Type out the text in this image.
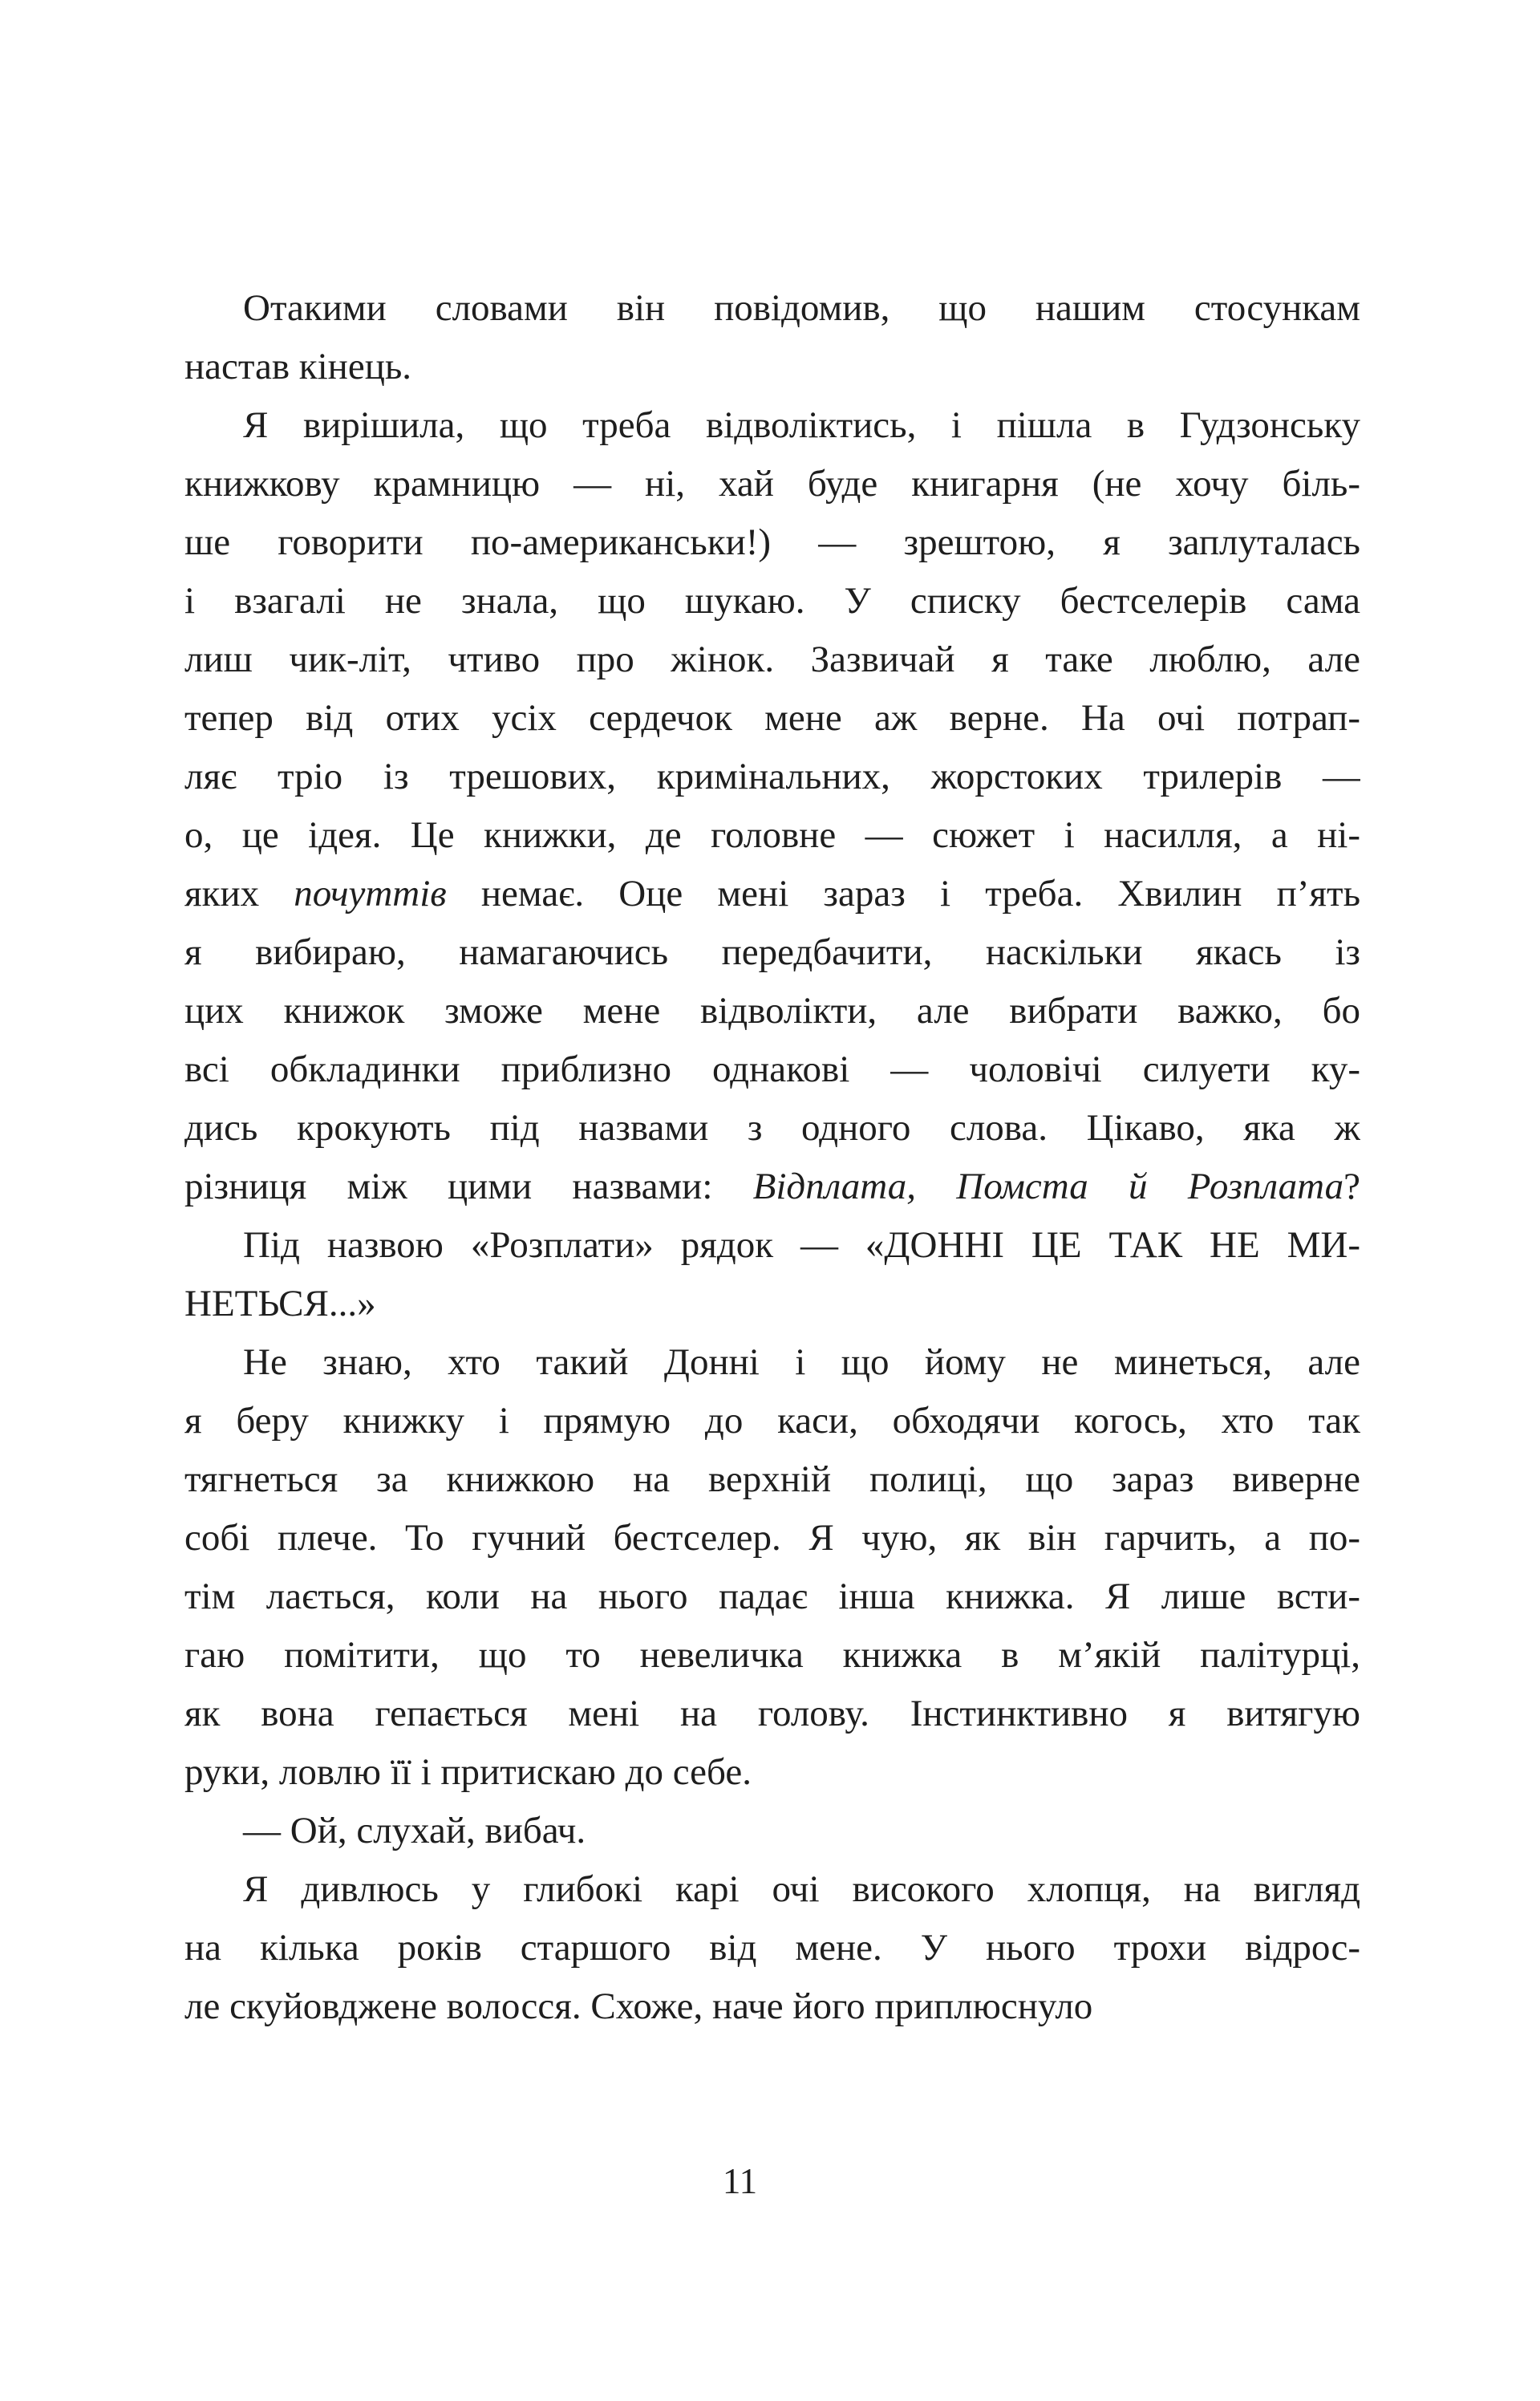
Отакими словами він повідомив, що нашим стосункам
настав кінець.
Я вирішила, що треба відволіктись, і пішла в Гудзонську
книжкову крамницю — ні, хай буде книгарня (не хочу біль-
ше говорити по-американськи!) — зрештою, я заплуталась
і взагалі не знала, що шукаю. У списку бестселерів сама
лиш чик-літ, чтиво про жінок. Зазвичай я таке люблю, але
тепер від отих усіх сердечок мене аж верне. На очі потрап-
ляє тріо із трешових, кримінальних, жорстоких трилерів —
о, це ідея. Це книжки, де головне — сюжет і насилля, а ні-
яких почуттів немає. Оце мені зараз і треба. Хвилин п’ять
я вибираю, намагаючись передбачити, наскільки якась із
цих книжок зможе мене відволікти, але вибрати важко, бо
всі обкладинки приблизно однакові — чоловічі силуети ку-
дись крокують під назвами з одного слова. Цікаво, яка ж
різниця між цими назвами: Відплата, Помста й Розплата?
Під назвою «Розплати» рядок — «ДОННІ ЦЕ ТАК НЕ МИ-
НЕТЬСЯ...»
Не знаю, хто такий Донні і що йому не минеться, але
я беру книжку і прямую до каси, обходячи когось, хто так
тягнеться за книжкою на верхній полиці, що зараз виверне
собі плече. То гучний бестселер. Я чую, як він гарчить, а по-
тім лається, коли на нього падає інша книжка. Я лише всти-
гаю помітити, що то невеличка книжка в м’якій палітурці,
як вона гепається мені на голову. Інстинктивно я витягую
руки, ловлю її і притискаю до себе.
— Ой, слухай, вибач.
Я дивлюсь у глибокі карі очі високого хлопця, на вигляд
на кілька років старшого від мене. У нього трохи відрос-
ле скуйовджене волосся. Схоже, наче його приплюснуло
11
